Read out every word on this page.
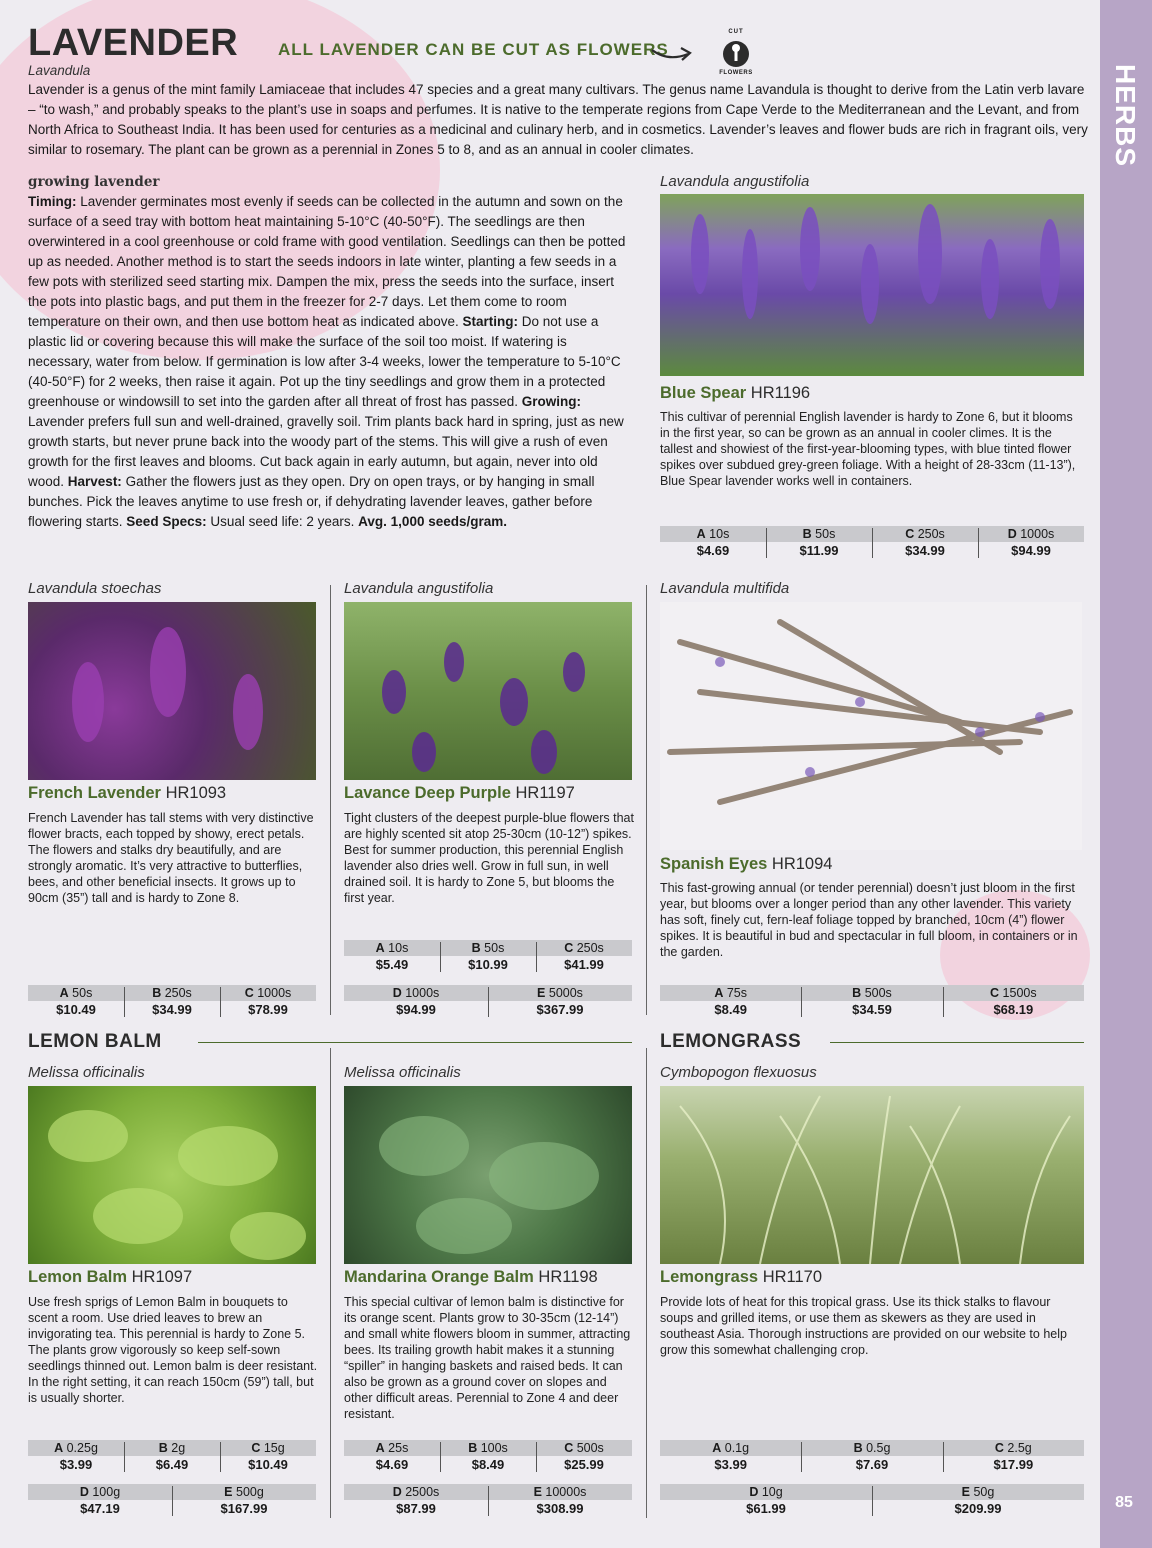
85
LAVENDER ALL LAVENDER CAN BE CUT AS FLOWERS
CUT
FLOWERS
Lavandula
Lavender is a genus of the mint family Lamiaceae that includes 47 species and a great many cultivars. The genus name Lavandula is thought to derive from the Latin verb lavare – “to wash,” and probably speaks to the plant’s use in soaps and perfumes. It is native to the temperate regions from Cape Verde to the Mediterranean and the Levant, and from North Africa to Southeast India. It has been used for centuries as a medicinal and culinary herb, and in cosmetics. Lavender’s leaves and flower buds are rich in fragrant oils, very similar to rosemary. The plant can be grown as a perennial in Zones 5 to 8, and as an annual in cooler climates.
growing lavender
Timing: Lavender germinates most evenly if seeds can be collected in the autumn and sown on the surface of a seed tray with bottom heat maintaining 5-10°C (40-50°F). The seedlings are then overwintered in a cool greenhouse or cold frame with good ventilation. Seedlings can then be potted up as needed. Another method is to start the seeds indoors in late winter, planting a few seeds in a few pots with sterilized seed starting mix. Dampen the mix, press the seeds into the surface, insert the pots into plastic bags, and put them in the freezer for 2-7 days. Let them come to room temperature on their own, and then use bottom heat as indicated above. Starting: Do not use a plastic lid or covering because this will make the surface of the soil too moist. If watering is necessary, water from below. If germination is low after 3-4 weeks, lower the temperature to 5-10°C (40-50°F) for 2 weeks, then raise it again. Pot up the tiny seedlings and grow them in a protected greenhouse or windowsill to set into the garden after all threat of frost has passed. Growing: Lavender prefers full sun and well-drained, gravelly soil. Trim plants back hard in spring, just as new growth starts, but never prune back into the woody part of the stems. This will give a rush of even growth for the first leaves and blooms. Cut back again in early autumn, but again, never into old wood. Harvest: Gather the flowers just as they open. Dry on open trays, or by hanging in small bunches. Pick the leaves anytime to use fresh or, if dehydrating lavender leaves, gather before flowering starts. Seed Specs: Usual seed life: 2 years. Avg. 1,000 seeds/gram.
Lavandula angustifolia
Blue Spear HR1196
This cultivar of perennial English lavender is hardy to Zone 6, but it blooms in the first year, so can be grown as an annual in cooler climes. It is the tallest and showiest of the first-year-blooming types, with blue tinted flower spikes over subdued grey-green foliage. With a height of 28-33cm (11-13”), Blue Spear lavender works well in containers.
A 10s
$4.69
B 50s
$11.99
C 250s
$34.99
D 1000s
$94.99
Lavandula stoechas
French Lavender HR1093
French Lavender has tall stems with very distinctive flower bracts, each topped by showy, erect petals. The flowers and stalks dry beautifully, and are strongly aromatic. It’s very attractive to butterflies, bees, and other beneficial insects. It grows up to 90cm (35”) tall and is hardy to Zone 8.
A 50s
$10.49
B 250s
$34.99
C 1000s
$78.99
Lavandula angustifolia
Lavance Deep Purple HR1197
Tight clusters of the deepest purple-blue flowers that are highly scented sit atop 25-30cm (10-12”) spikes. Best for summer production, this perennial English lavender also dries well. Grow in full sun, in well drained soil. It is hardy to Zone 5, but blooms the first year.
A 10s
$5.49
B 50s
$10.99
C 250s
$41.99
D 1000s
$94.99
E 5000s
$367.99
Lavandula multifida
Spanish Eyes HR1094
This fast-growing annual (or tender perennial) doesn’t just bloom in the first year, but blooms over a longer period than any other lavender. This variety has soft, finely cut, fern-leaf foliage topped by branched, 10cm (4”) flower spikes. It is beautiful in bud and spectacular in full bloom, in containers or in the garden.
A 75s
$8.49
B 500s
$34.59
C 1500s
$68.19
LEMON BALM	LEMONGRASS
Melissa officinalis
Lemon Balm HR1097
Use fresh sprigs of Lemon Balm in bouquets to scent a room. Use dried leaves to brew an invigorating tea. This perennial is hardy to Zone 5. The plants grow vigorously so keep self-sown seedlings thinned out. Lemon balm is deer resistant. In the right setting, it can reach 150cm (59”) tall, but is usually shorter.
A 0.25g
$3.99
B 2g
$6.49
C 15g
$10.49
D 100g
$47.19
E 500g
$167.99
Melissa officinalis
Mandarina Orange Balm HR1198
This special cultivar of lemon balm is distinctive for its orange scent. Plants grow to 30-35cm (12-14”) and small white flowers bloom in summer, attracting bees. Its trailing growth habit makes it a stunning “spiller” in hanging baskets and raised beds. It can also be grown as a ground cover on slopes and other difficult areas. Perennial to Zone 4 and deer resistant.
A 25s
$4.69
B 100s
$8.49
C 500s
$25.99
D 2500s
$87.99
E 10000s
$308.99
Cymbopogon flexuosus
Lemongrass HR1170
Provide lots of heat for this tropical grass. Use its thick stalks to flavour soups and grilled items, or use them as skewers as they are used in southeast Asia. Thorough instructions are provided on our website to help grow this somewhat challenging crop.
A 0.1g
$3.99
B 0.5g
$7.69
C 2.5g
$17.99
D 10g
$61.99
E 50g
$209.99
